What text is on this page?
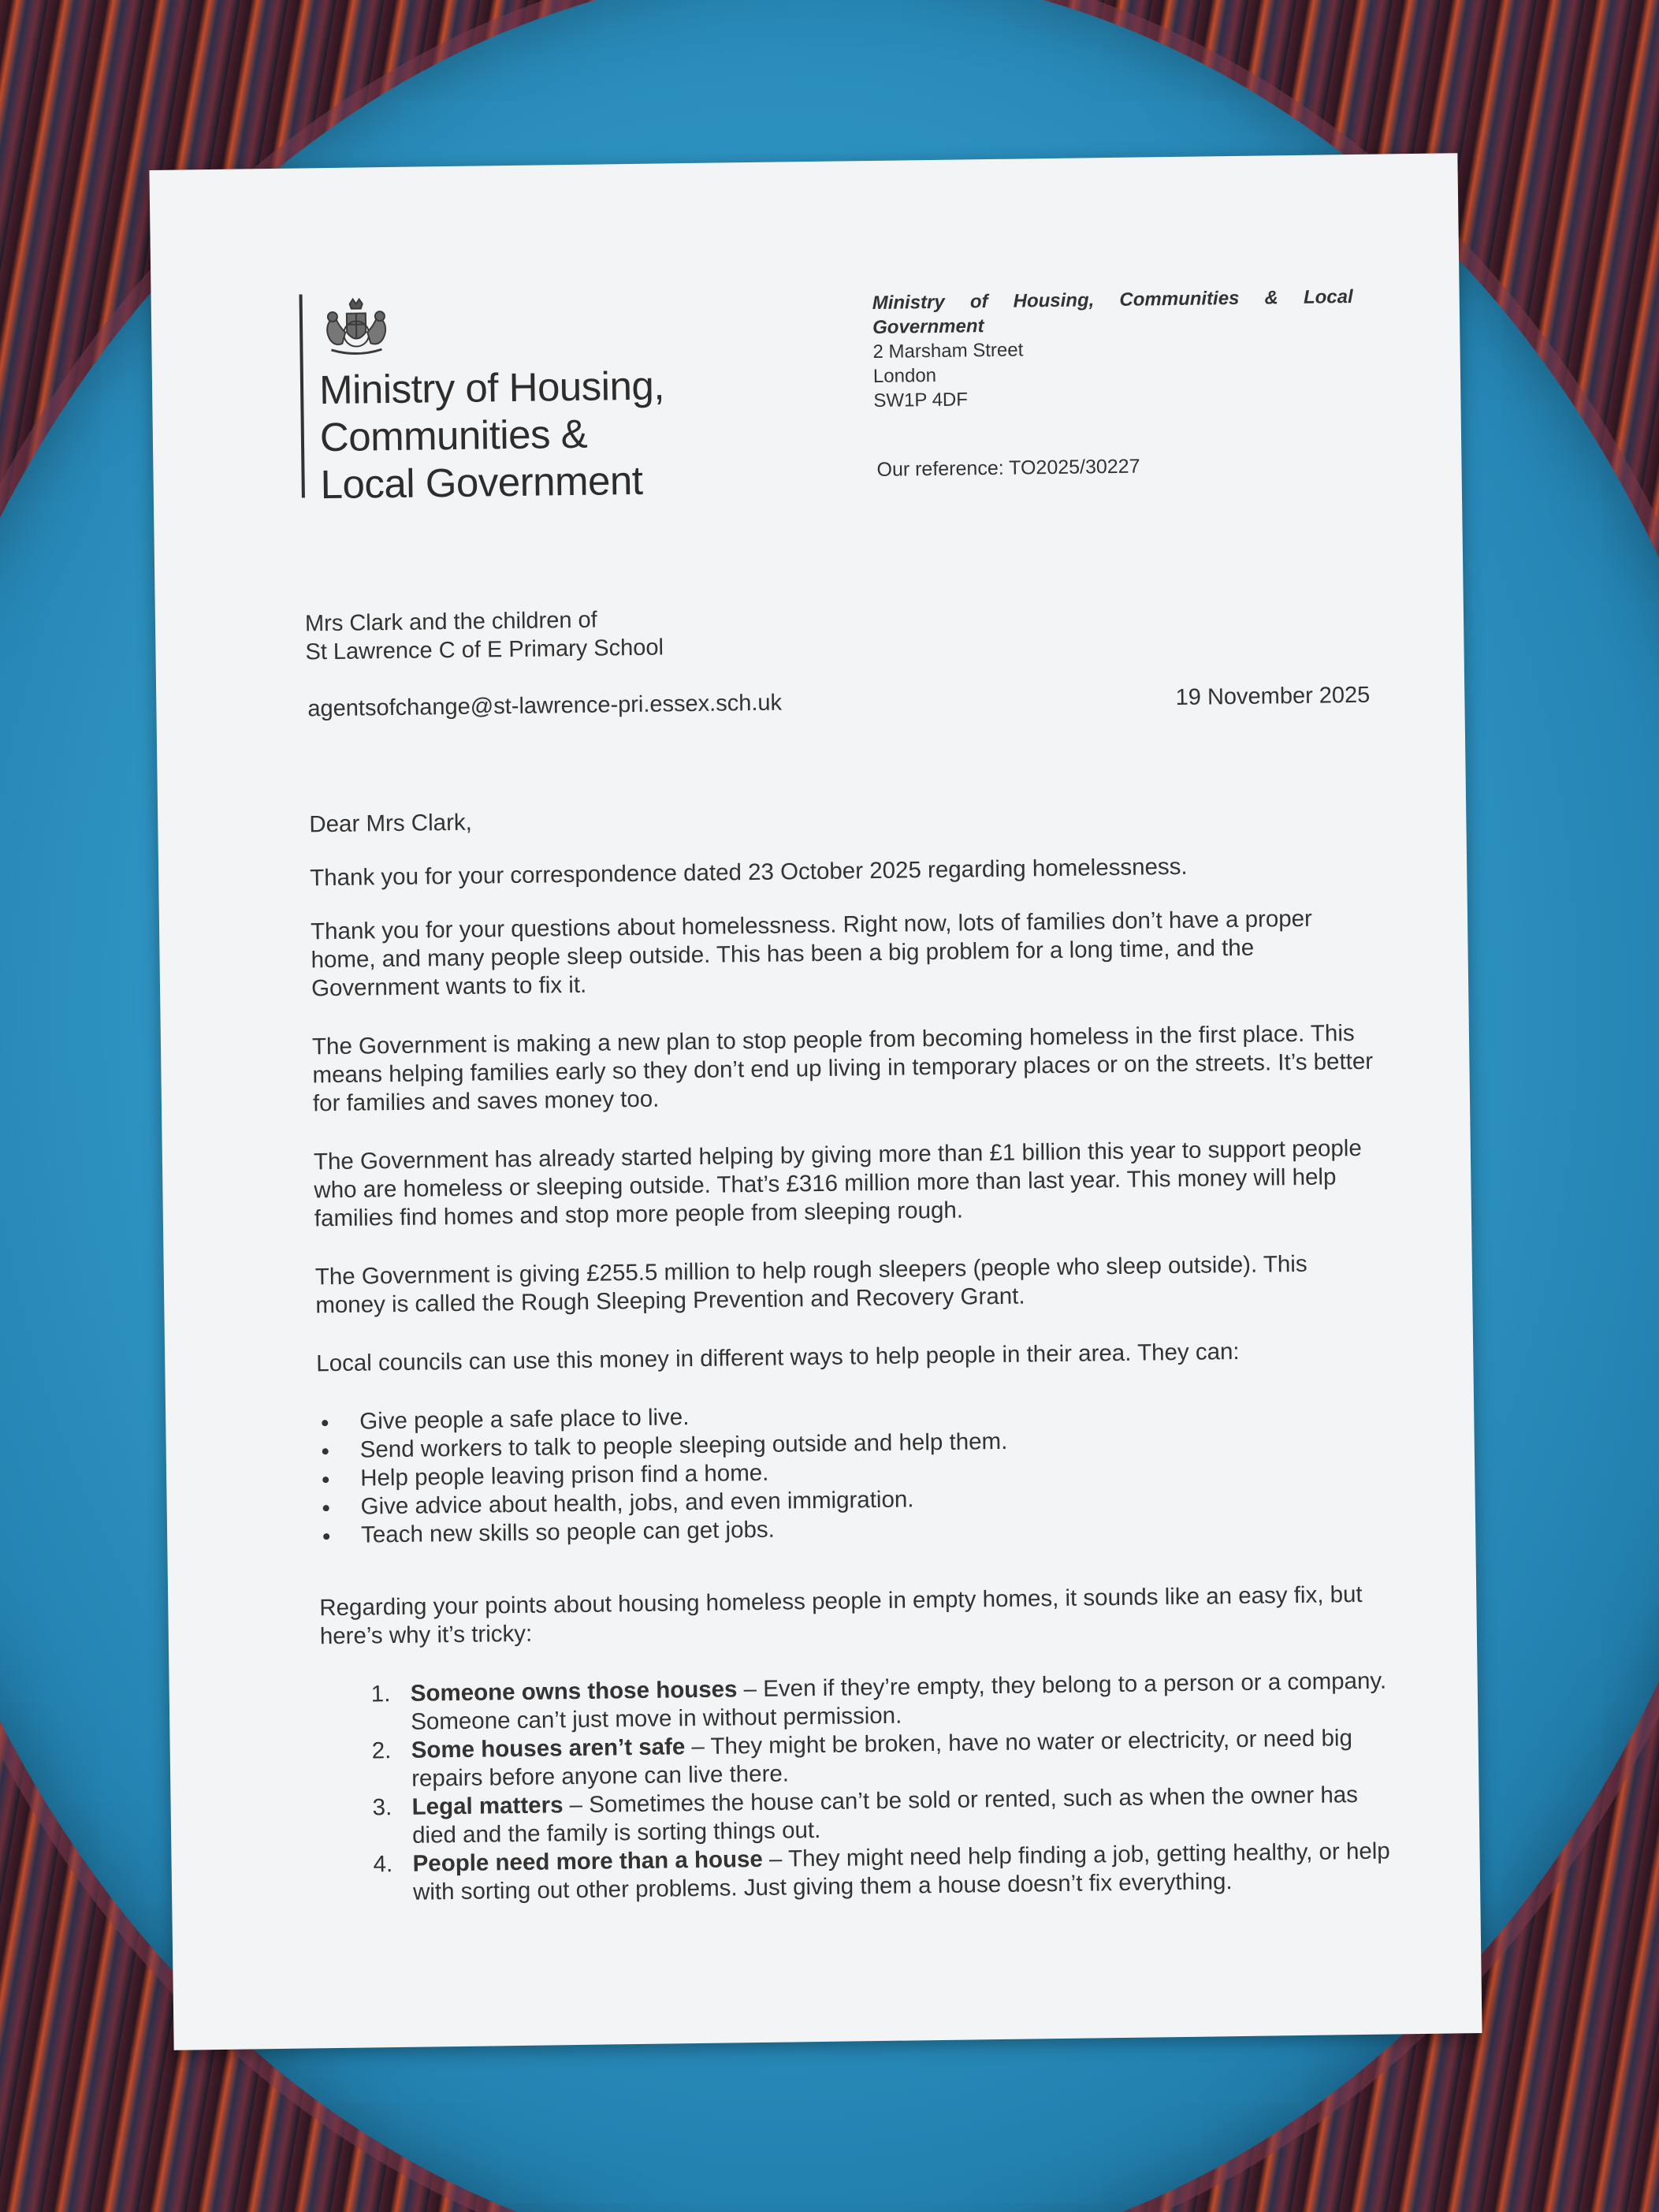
Ministry of Housing,
Communities &
Local Government
Ministry of Housing, Communities & Local Government
2 Marsham Street
London
SW1P 4DF
Our reference: TO2025/30227
Mrs Clark and the children of
St Lawrence C of E Primary School
agentsofchange@st-lawrence-pri.essex.sch.uk	19 November 2025

Dear Mrs Clark,

Thank you for your correspondence dated 23 October 2025 regarding homelessness.

Thank you for your questions about homelessness. Right now, lots of families don’t have a proper home, and many people sleep outside. This has been a big problem for a long time, and the Government wants to fix it.

The Government is making a new plan to stop people from becoming homeless in the first place. This means helping families early so they don’t end up living in temporary places or on the streets. It’s better for families and saves money too.

The Government has already started helping by giving more than £1 billion this year to support people who are homeless or sleeping outside. That’s £316 million more than last year. This money will help families find homes and stop more people from sleeping rough.

The Government is giving £255.5 million to help rough sleepers (people who sleep outside). This money is called the Rough Sleeping Prevention and Recovery Grant.

Local councils can use this money in different ways to help people in their area. They can:

Give people a safe place to live.
Send workers to talk to people sleeping outside and help them.
Help people leaving prison find a home.
Give advice about health, jobs, and even immigration.
Teach new skills so people can get jobs.

Regarding your points about housing homeless people in empty homes, it sounds like an easy fix, but here’s why it’s tricky:

1. Someone owns those houses – Even if they’re empty, they belong to a person or a company. Someone can’t just move in without permission.
2. Some houses aren’t safe – They might be broken, have no water or electricity, or need big repairs before anyone can live there.
3. Legal matters – Sometimes the house can’t be sold or rented, such as when the owner has died and the family is sorting things out.
4. People need more than a house – They might need help finding a job, getting healthy, or help with sorting out other problems. Just giving them a house doesn’t fix everything.
